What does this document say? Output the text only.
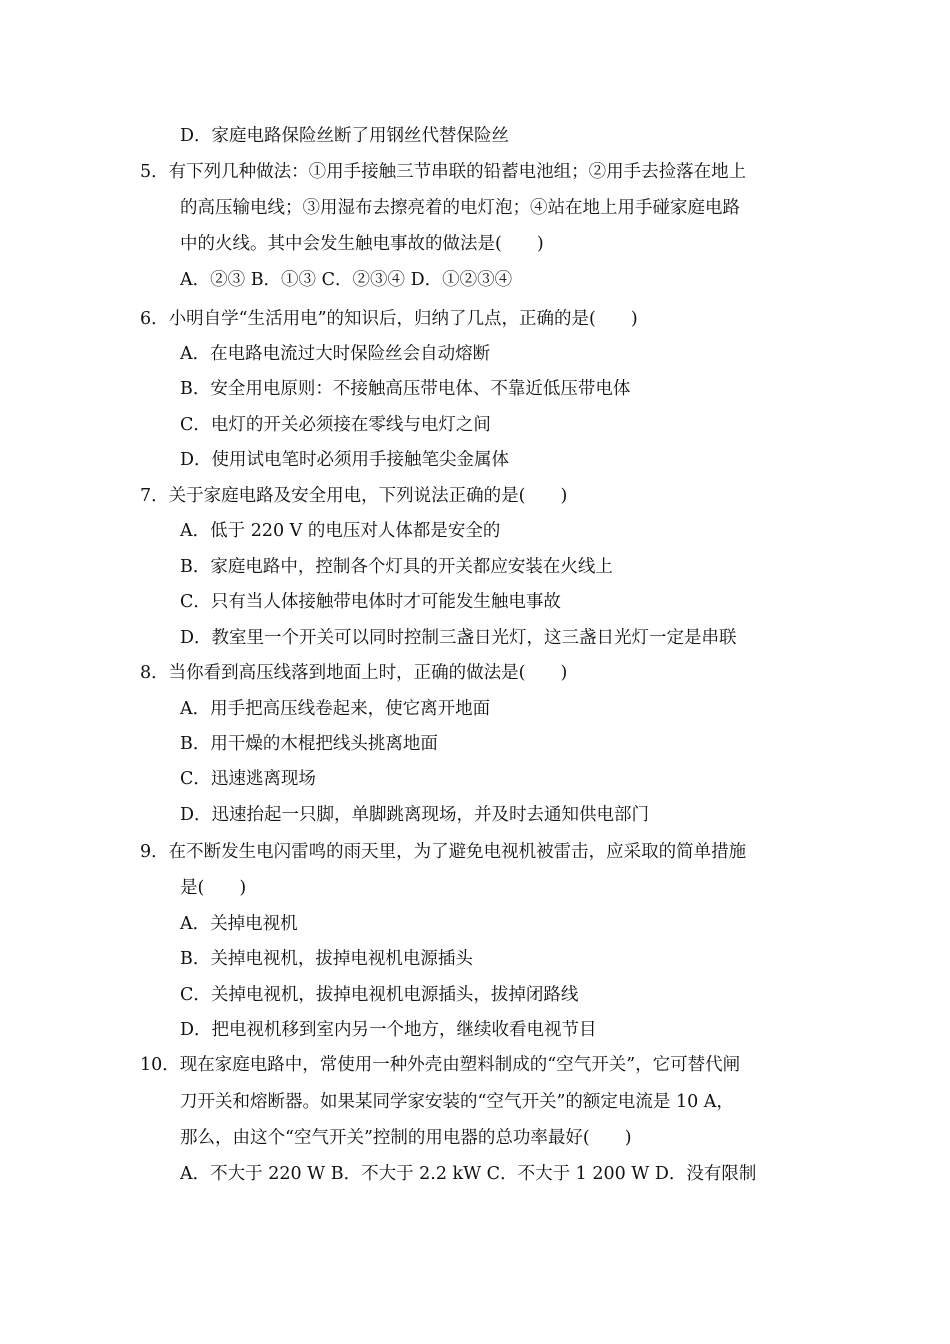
D．家庭电路保险丝断了用钢丝代替保险丝
5．有下列几种做法：①用手接触三节串联的铅蓄电池组；②用手去捡落在地上
的高压输电线；③用湿布去擦亮着的电灯泡；④站在地上用手碰家庭电路
中的火线。其中会发生触电事故的做法是(　　)
A．②③ B．①③ C．②③④ D．①②③④
6．小明自学“生活用电”的知识后，归纳了几点，正确的是(　　)
A．在电路电流过大时保险丝会自动熔断
B．安全用电原则：不接触高压带电体、不靠近低压带电体
C．电灯的开关必须接在零线与电灯之间
D．使用试电笔时必须用手接触笔尖金属体
7．关于家庭电路及安全用电，下列说法正确的是(　　)
A．低于 220 V 的电压对人体都是安全的
B．家庭电路中，控制各个灯具的开关都应安装在火线上
C．只有当人体接触带电体时才可能发生触电事故
D．教室里一个开关可以同时控制三盏日光灯，这三盏日光灯一定是串联
8．当你看到高压线落到地面上时，正确的做法是(　　)
A．用手把高压线卷起来，使它离开地面
B．用干燥的木棍把线头挑离地面
C．迅速逃离现场
D．迅速抬起一只脚，单脚跳离现场，并及时去通知供电部门
9．在不断发生电闪雷鸣的雨天里，为了避免电视机被雷击，应采取的简单措施
是(　　)
A．关掉电视机
B．关掉电视机，拔掉电视机电源插头
C．关掉电视机，拔掉电视机电源插头，拔掉闭路线
D．把电视机移到室内另一个地方，继续收看电视节目
10．现在家庭电路中，常使用一种外壳由塑料制成的“空气开关”，它可替代闸
刀开关和熔断器。如果某同学家安装的“空气开关”的额定电流是 10 A，
那么，由这个“空气开关”控制的用电器的总功率最好(　　)
A．不大于 220 W B．不大于 2.2 kW C．不大于 1 200 W D．没有限制
